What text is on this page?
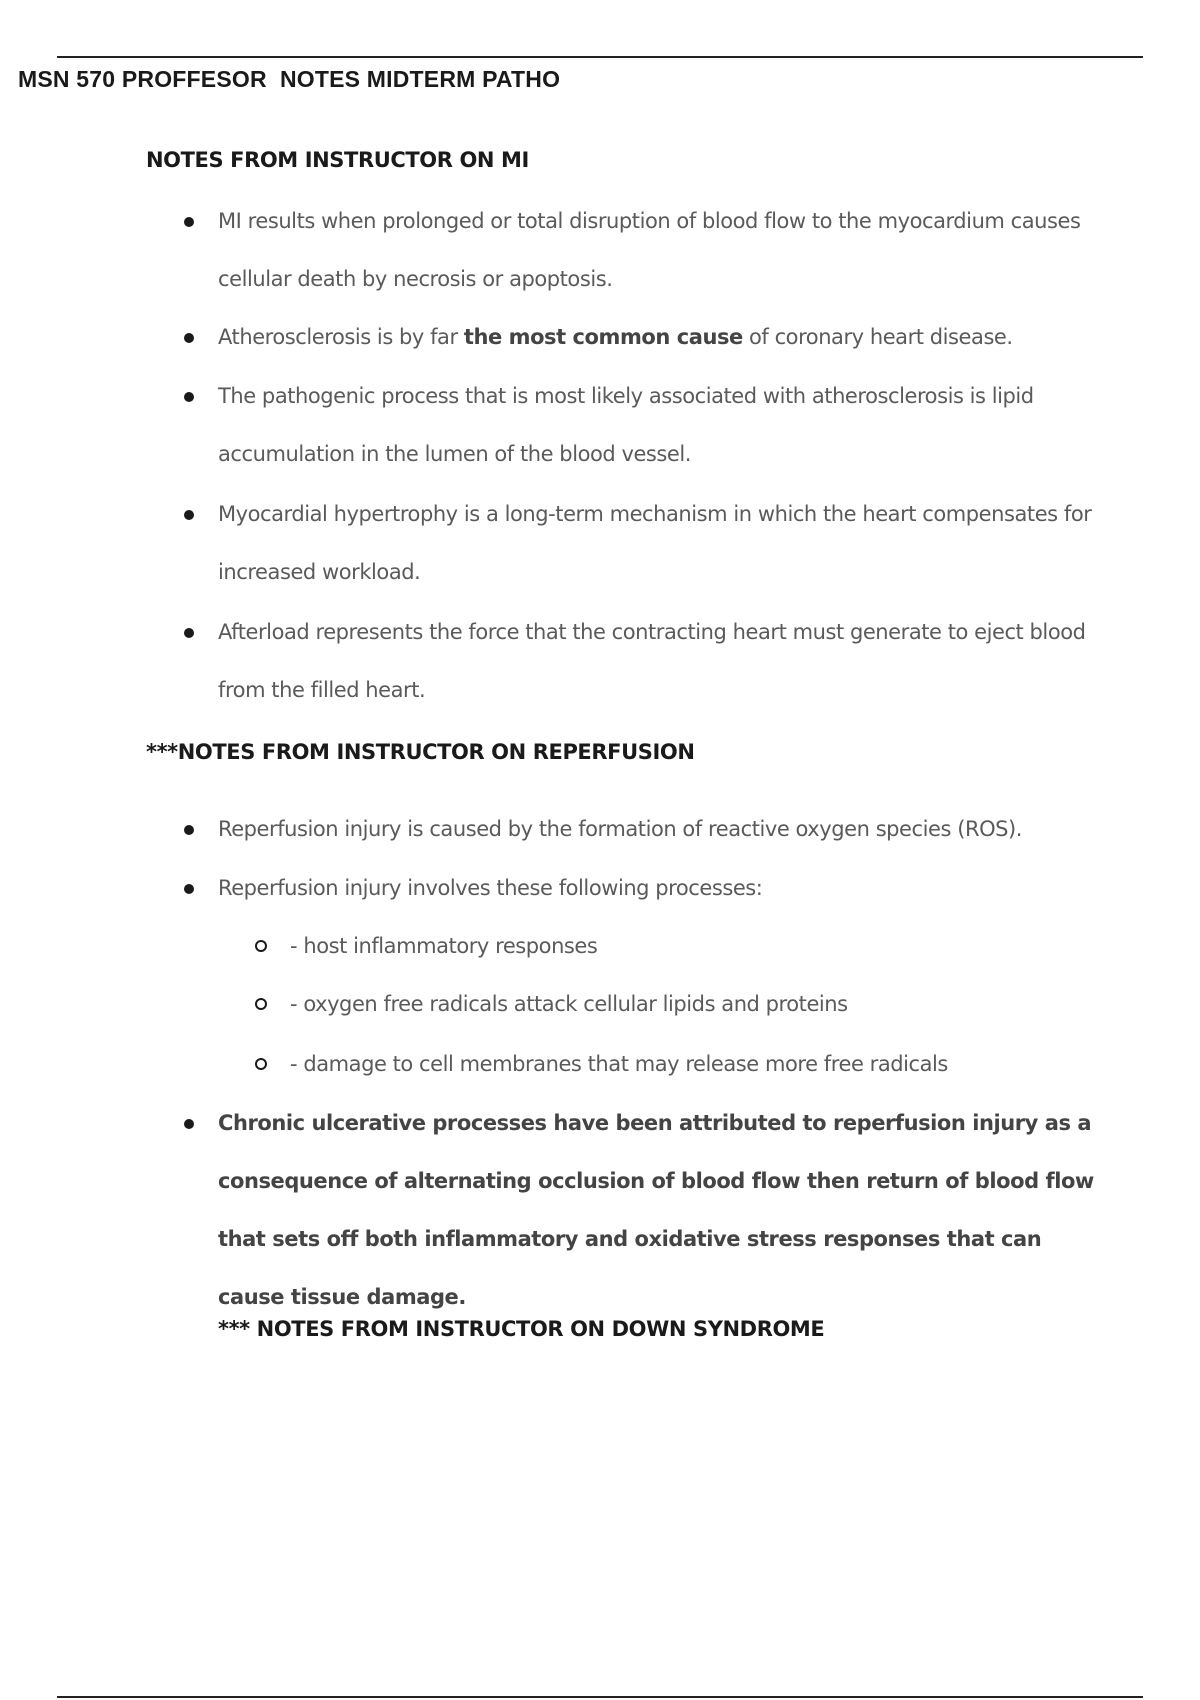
MSN 570 PROFFESOR  NOTES MIDTERM PATHO
NOTES FROM INSTRUCTOR ON MI
MI results when prolonged or total disruption of blood flow to the myocardium causes cellular death by necrosis or apoptosis.
Atherosclerosis is by far the most common cause of coronary heart disease.
The pathogenic process that is most likely associated with atherosclerosis is lipid accumulation in the lumen of the blood vessel.
Myocardial hypertrophy is a long-term mechanism in which the heart compensates for increased workload.
Afterload represents the force that the contracting heart must generate to eject blood from the filled heart.
***NOTES FROM INSTRUCTOR ON REPERFUSION
Reperfusion injury is caused by the formation of reactive oxygen species (ROS).
Reperfusion injury involves these following processes:
- host inflammatory responses
- oxygen free radicals attack cellular lipids and proteins
- damage to cell membranes that may release more free radicals
Chronic ulcerative processes have been attributed to reperfusion injury as a consequence of alternating occlusion of blood flow then return of blood flow that sets off both inflammatory and oxidative stress responses that can cause tissue damage.
*** NOTES FROM INSTRUCTOR ON DOWN SYNDROME
